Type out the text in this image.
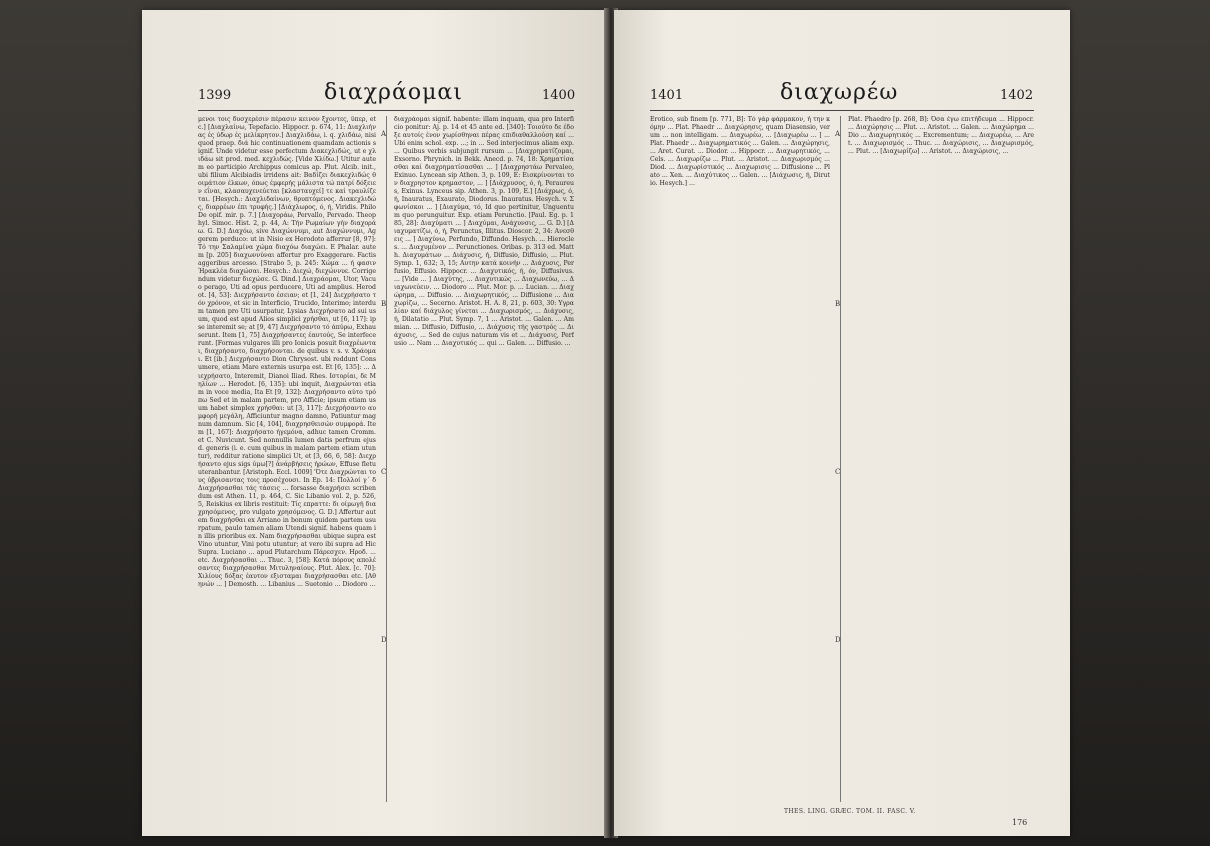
1399	διαχράομαι	1400
μενοι τοις δυσχερέσιν πέρασιν κεινον ξχοντες, ϋπερ, etc.] [Διαχλαίνω, Tepefacio. Hippocr. p. 674, 11: Διαχλιήνας ές ύδωρ ές μελίκρητον.] Διαχλιδάω, i. q. χλιδάω, nisi quod praep. διά hic continuationem quamdam actionis signif. Unde videtur esse perfectum Διακεχλιδώς, ut e χλιδάω sit prod. med. κεχλιδώς. [Vide Χλίδω.] Utitur autem eo participio Archippus comicus ap. Plut. Alcib. init., ubi filium Alcibiadis irridens ait: Βαδίζει διακεχλιδώς θοιμάτιον έλκων, όπως έμφερής μάλιστα τώ πατρί δόξειεν εΐναι, κλασαυχενεύεται [κλασταυχεί] τε καί τραυλίζεται. [Hesych.: Διαχλιδαίνων, θρυπτόμενος. Διακεχλιδώς, διαρρέων έπι τρυφής.] [Διάχλωρος, ό, ή, Viridis. Philo De opif. mir. p. 7.] [Διαχοράω, Pervallo, Pervado. Theophyl. Simoc. Hist. 2, p. 44, A: Τήν Ρωμαίων γήν διαχοράω. G. D.] Διαχόω, sive Διαχώννυμι, aut Διαχώννυμι, Aggerem perduco: ut in Nisio ex Herodoto afferrur [8, 97]: Τό την Σαλαμίνα χώμα διαχόω διαχώει. E Phalar. autem [p. 205] διαχωννύναι affertur pro Exaggerare. Factis aggeribus arcesso. [Strabo 5, p. 245: Χώμα ... ή φασιν Ήρακλέα διαχώσαι. Hesych.: Διεχώ, διεχώννυε. Corrigendum videtur διεχώσε. G. Dind.] Διαχράομαι, Utor, Vacuo perago, Uti ad opus perducere, Uti ad amplius. Herodot. [4, 53]: Διεχρήσαντο έσειαν; et [1, 24] Διεχρήσατο τόν χρόνον, et sic in Interficio, Trucido, Interimo; interdum tamen pro Uti usurpatur, Lysias Διεχρήσατο ad sui usum, quod est apud Alios simplici χρήσθαι, ut [6, 117]: ipse interemit se; at [9, 47] Διεχρήσαντο τό άπύρω, Exhauserunt. Item [1, 75] Διαχρήσαντες έαυτούς, Se interfecerunt. [Formas vulgares illi pro Ionicis posuit διαχρέωνται, διαχρήσαντο, διαχρήσονται. de quibus v. s. v. Χράομαι. Et [ib.] Διεχρήσαντο Dion Chrysost. ubi reddunt Consumere, etiam Mare externis usurpa est. Et [6, 135]: ... Διεχρήσατο, Interemit, Dianoi Iliad. Rhes. Ιστορίαι, δε Μηλίων ... Herodot. [6, 135]: ubi inquit, Διαχρώνται etiam in voce media, Ita Et [9, 132]: Διαχρήσαντο αύτο τρόπω Sed et in malam partem, pro Afficie; ipsum etiam usum habet simplex χρήσθαι: ut [3, 117]: Διεχρήσαντο αυμφορή μεγάλη, Afficiuntur magno damno, Patiuntur magnum damnum. Sic [4, 104], διαχρησθεισών συμφορά. Item [1, 167]: Διαχρήσατο ήγεμόνα, adhuc tamen Cromm. et C. Nuvicunt. Sed nonnullis lumen datis perfrum ejusd. generis (i. e. cum quibus in malam partem etiam utuntur), redditur ratione simplici Ut, et [3, 66, 6, 58]: Διεχρήσαντο ejus sigs ύμω[?] ἀνάρβήσεις ήρώων, Effuse fletu uteranbantur. [Aristoph. Eccl. 1009] 'Ότε Διαχρώνται τους ύβρισαντας τοις προσέχουσι. In Ep. 14: Πολλοί γ΄ δ Διαχρήσασθαι τάς τάσεις ... forsasse διαχρήσει scribendum est Athen. 11, p. 464, C. Sic Libanio vol. 2, p. 526, 5, Reiskius ex libris restituit: Τίς επραττε: δι οίμωγή διαχρησόμενος, pro vulgato χρησόμενος. G. D.] Affertur autem διαχρήσθαι ex Arriano in bonum quidem partem usurpatum, paulo tamen aliam Utendi signif. habens quam in illis prioribus ex. Nam διαχρήσασθαι ubique supra est Vino utuntur, Vini potu utuntur; at vero ibi supra ad Hic Supra. Luciano ... apud Plutarchum Πάρεσχεν. Ηροδ. ... etc. Διαχρήσασθαι ... Thuc. 3, [58]: Κατά πόρους απολέσαντες διαχρήσασθαι Μιτυληναίους. Plut. Alex. [c. 70]: Χιλίους δόξας έαυτον εξισταμαι διαχρήσασθαι etc. [Αθηνών ... ] Demosth. ... Libanius ... Suetonio ... Diodoro ...
A
B
C
D
διαχράομαι signif. habente: illam inquam, qua pro Interficio ponitur: Aj. p. 14 et 45 ante ed. [340]: Τοιούτο δε έδοξε αυτοίς ένον χωρίσθηναι πέρας επιδιαθαλλούση καί ... Ubi enim schol. exp. ...; in ... Sed interjecimus aliam exp. ... Quibus verbis subjungit rursum ... [Διαχρηματίζομαι, Exsorno. Phrynich. in Bekk. Anecd. p. 74, 18: Χρηματίσασθαι καί διαχρηματίσασθαι ... ] [Διαχρηστάω Pervaleo, Exinuo. Lyncean sip Athen. 3, p. 109, E: Εισκρίνονται τον διαχρηστον κρημαστον, ... ] [Διάχρυσος, ό, ή, Peraureus, Exinus. Lynceus sip. Athen. 3, p. 109, E.] [Διάχρως, ό, ή, Inauratus, Exaurato, Diodorus. Inauratus. Hesych. v. Σφωνίσκοι ... ] [Διαχύμα, τό, Id quo pertinitur, Unguentum quo perunguitur. Exp. etiam Perunctio. [Paul. Eg. p. 185, 28]: Διαχύματι ... ] Διαχύμαι, Ανάχυνσις, ... G. D.] [Διαχυματίζω, ό, ή, Perunctus, Illitus. Dioscor. 2, 34: Ανεσθεις ... ] Διαχύνω, Perfundo, Diffundo. Hesych. ... Hierocles. ... Διαχυμένον ... Perunctiones. Oribas. p. 313 ed. Matth. Διαχυμάτων ... Διάχυσις, ή, Diffusio, Diffusio, ... Plut. Symp. 1, 632; 3, 15; Αυτην κατά κοινήν ... Διάχυσις, Perfusio, Effusio. Hippocr. ... Διαχυτικός, ή, όν, Diffusivus. ... [Vide ... ] Διαχύτης, ... Διαχυτικώς ... Διαχωνεύω, ... Διαχωνεύειν. ... Diodoro ... Plut. Mor. p. ... Lucian. ... Διαχώρημα, ... Diffusio. ... Διαχωρητικός, ... Diffusione ... Διαχωρίζω, ... Secerno. Aristot. H. A. 8, 21, p. 603, 30: Υγρα λίαν καί διάχυλος γίνεται ... Διαχωρισμός, ... Διάχυσις, ή, Dilatatio ... Plut. Symp. 7, 1 ... Aristot. ... Galen. ... Ammian. ... Diffusio, Diffusio, ... Διάχυσις τής γαστρός ... Διάχυσις, ... Sed de cujus naturam vis et ... Διάχυσις, Perfusio ... Nam ... Διαχυτικός ... qui ... Galen. ... Diffusio. ...
1401	διαχωρέω	1402
Erotico, sub finem [p. 771, B]: Τό γάρ φάρμακον, ή την κόμην ... Plat. Phaedr ... Διαχώρησις, quam Diasensio, verum ... non intelligam. ... Διαχωρέω, ... [Διαχωρέω ... ] ... Plat. Phaedr ... Διαχωρηματικός ... Galen. ... Διαχώρησις, ... Aret. Curat. ... Diodor. ... Hippocr. ... Διαχωρητικός, ... Cels. ... Διαχωρίζω ... Plut. ... Aristot. ... Διαχωρισμός ... Diod. ... Διαχωρίστικός ... Διαχωρισις ... Diffusione ... Plato ... Xen. ... Διαχύτικος ... Galen. ... [Διάχωσις, ή, Dirutio. Hesych.] ...
A
B
C
D
Plat. Phaedro [p. 268, B]: Όσα έγω επιτήδευμα ... Hippocr. ... Διαχώρησις ... Plut. ... Aristot. ... Galen. ... Διαχώρημα ... Dio ... Διαχωρητικός ... Excrementum; ... Διαχωρέω, ... Aret. ... Διαχωρισμός ... Thuc. ... Διαχώρισις, ... Διαχωρισμός, ... Plut. ... [Διαχωρίζω] ... Aristot. ... Διαχώρισις, ...
THES. LING. GRÆC. TOM. II. FASC. V.
176
